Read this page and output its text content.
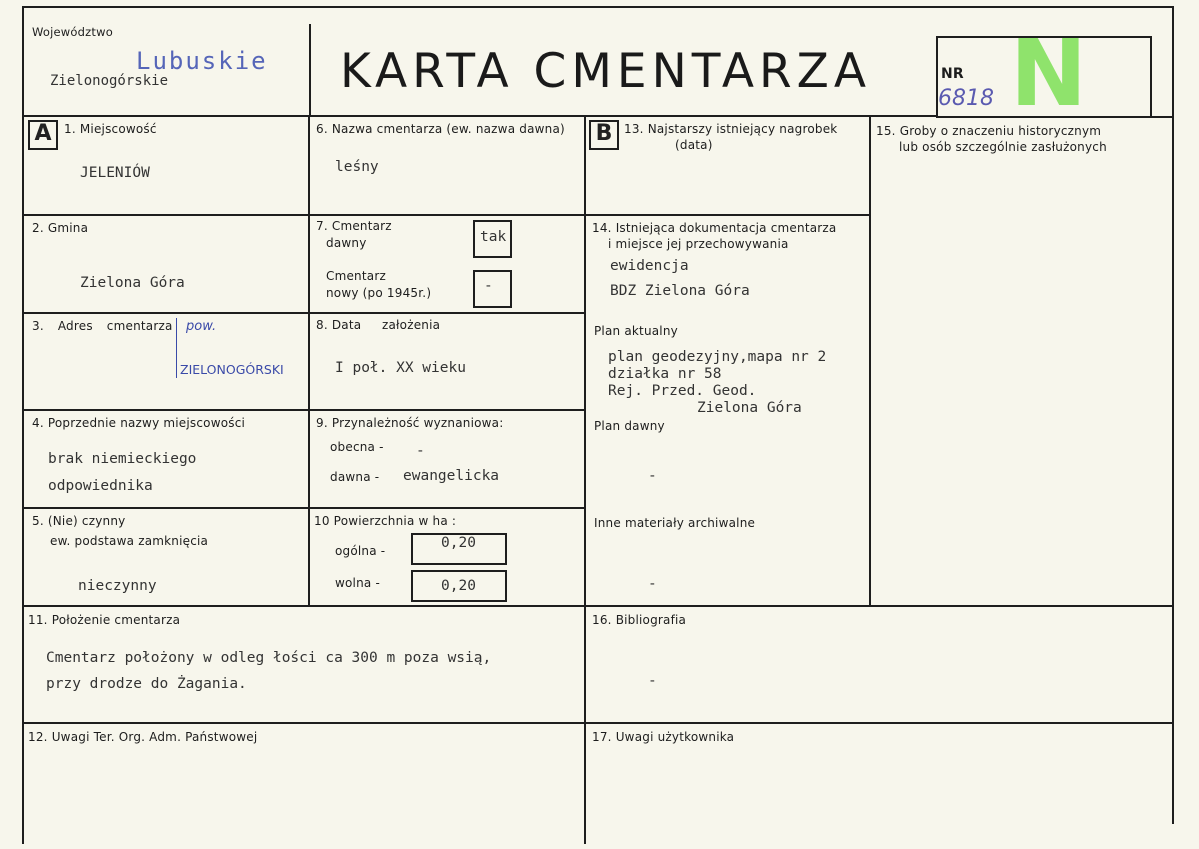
Województwo
Lubuskie
Zielonogórskie	KARTA CMENTARZA	NR
6818 N
A	B
1. Miejscowość
JELENIÓW
2. Gmina
Zielona Góra
3. Adres cmentarza pow.
ZIELONOGÓRSKI
4. Poprzednie nazwy miejscowości
brak niemieckiego
odpowiednika
5. (Nie) czynny
ew. podstawa zamknięcia
nieczynny
6. Nazwa cmentarza (ew. nazwa dawna)
leśny
7. Cmentarz
dawny	tak
Cmentarz
nowy (po 1945r.)	-
8. Data założenia
I poł. XX wieku
9. Przynależność wyznaniowa:
obecna - -
dawna - ewangelicka
10 Powierzchnia w ha :
ogólna -	0,20
wolna -	0,20
11. Położenie cmentarza
Cmentarz położony w odleg łości ca 300 m poza wsią,
przy drodze do Żagania.
12. Uwagi Ter. Org. Adm. Państwowej
13. Najstarszy istniejący nagrobek
(data)
14. Istniejąca dokumentacja cmentarza
i miejsce jej przechowywania
ewidencja
BDZ Zielona Góra
Plan aktualny
plan geodezyjny,mapa nr 2
działka nr 58
Rej. Przed. Geod.
Zielona Góra
Plan dawny
-
Inne materiały archiwalne
-
15. Groby o znaczeniu historycznym
lub osób szczególnie zasłużonych
16. Bibliografia
-
17. Uwagi użytkownika
